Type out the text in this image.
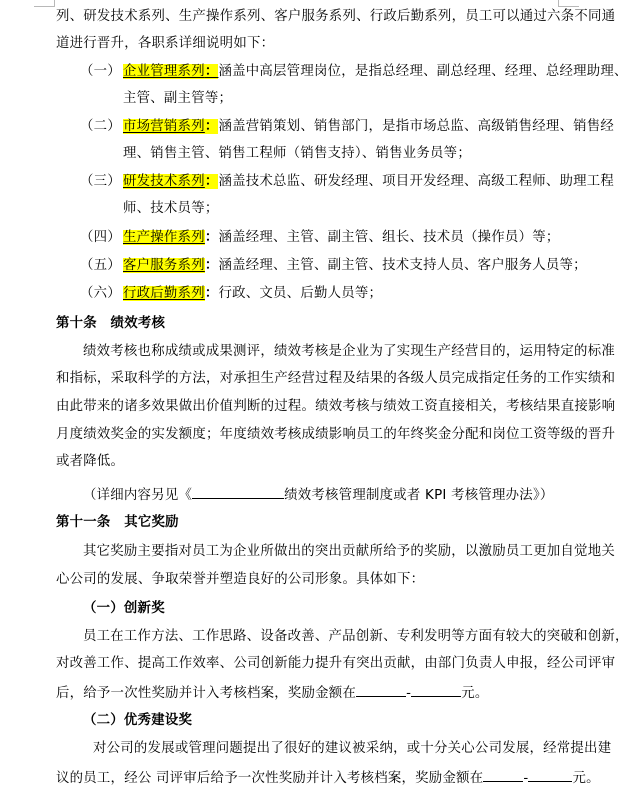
列、研发技术系列、生产操作系列、客户服务系列、行政后勤系列，员工可以通过六条不同通
道进行晋升，各职系详细说明如下：
（一） 企业管理系列：涵盖中高层管理岗位，是指总经理、副总经理、经理、总经理助理、
主管、副主管等；
（二） 市场营销系列：涵盖营销策划、销售部门，是指市场总监、高级销售经理、销售经
理、销售主管、销售工程师（销售支持）、销售业务员等；
（三） 研发技术系列：涵盖技术总监、研发经理、项目开发经理、高级工程师、助理工程
师、技术员等；
（四） 生产操作系列：涵盖经理、主管、副主管、组长、技术员（操作员）等；
（五） 客户服务系列：涵盖经理、主管、副主管、技术支持人员、客户服务人员等；
（六） 行政后勤系列：行政、文员、后勤人员等；
第十条　绩效考核
绩效考核也称成绩或成果测评，绩效考核是企业为了实现生产经营目的，运用特定的标准
和指标，采取科学的方法，对承担生产经营过程及结果的各级人员完成指定任务的工作实绩和
由此带来的诸多效果做出价值判断的过程。绩效考核与绩效工资直接相关，考核结果直接影响
月度绩效奖金的实发额度；年度绩效考核成绩影响员工的年终奖金分配和岗位工资等级的晋升
或者降低。
（详细内容另见《	绩效考核管理制度或者 KPI 考核管理办法》）
第十一条　其它奖励
其它奖励主要指对员工为企业所做出的突出贡献所给予的奖励，以激励员工更加自觉地关
心公司的发展、争取荣誉并塑造良好的公司形象。具体如下：
（一）创新奖
员工在工作方法、工作思路、设备改善、产品创新、专利发明等方面有较大的突破和创新，
对改善工作、提高工作效率、公司创新能力提升有突出贡献，由部门负责人申报，经公司评审
后，给予一次性奖励并计入考核档案，奖励金额在	-	元。
（二）优秀建设奖
对公司的发展或管理问题提出了很好的建议被采纳，或十分关心公司发展，经常提出建
议的员工，经公 司评审后给予一次性奖励并计入考核档案，奖励金额在	-	元。
